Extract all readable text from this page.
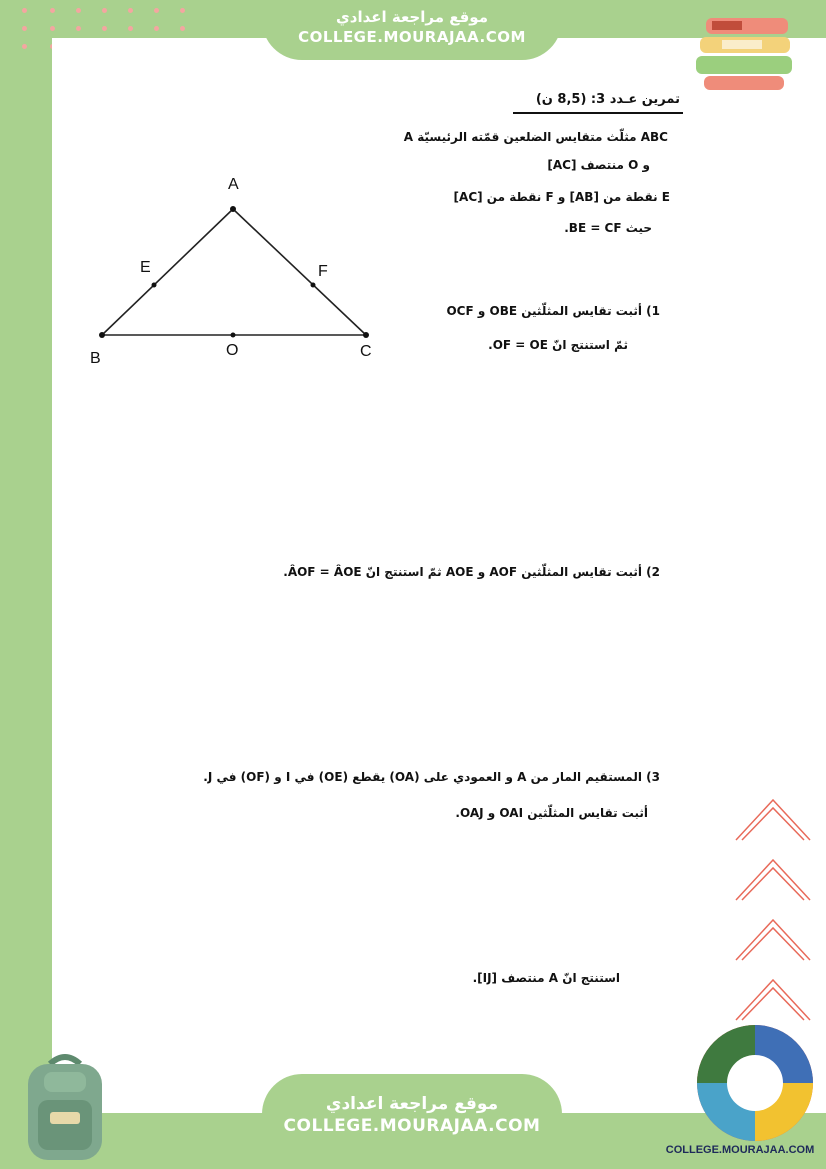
موقع مراجعة اعدادي
COLLEGE.MOURAJAA.COM
تمرين عـدد 3: (8,5 ن)
ABC مثلّث متقايس الضلعين قمّته الرئيسيّة A
و O منتصف [AC]
E نقطة من [AB] و F نقطة من [AC]
حيث BE = CF.
A
B	C
E	F
O
1) أثبت تقايس المثلّثين OBE و OCF
ثمّ استنتج انّ OF = OE.
2) أثبت تقايس المثلّثين AOF و AOE ثمّ استنتج انّ ÂOF = ÂOE.
3) المستقيم المار من A و العمودي على (OA) يقطع (OE) في I و (OF) في J.
أثبت تقايس المثلّثين OAI و OAJ.
استنتج انّ A منتصف [IJ].
موقع مراجعة اعدادي
COLLEGE.MOURAJAA.COM
COLLEGE.MOURAJAA.COM
